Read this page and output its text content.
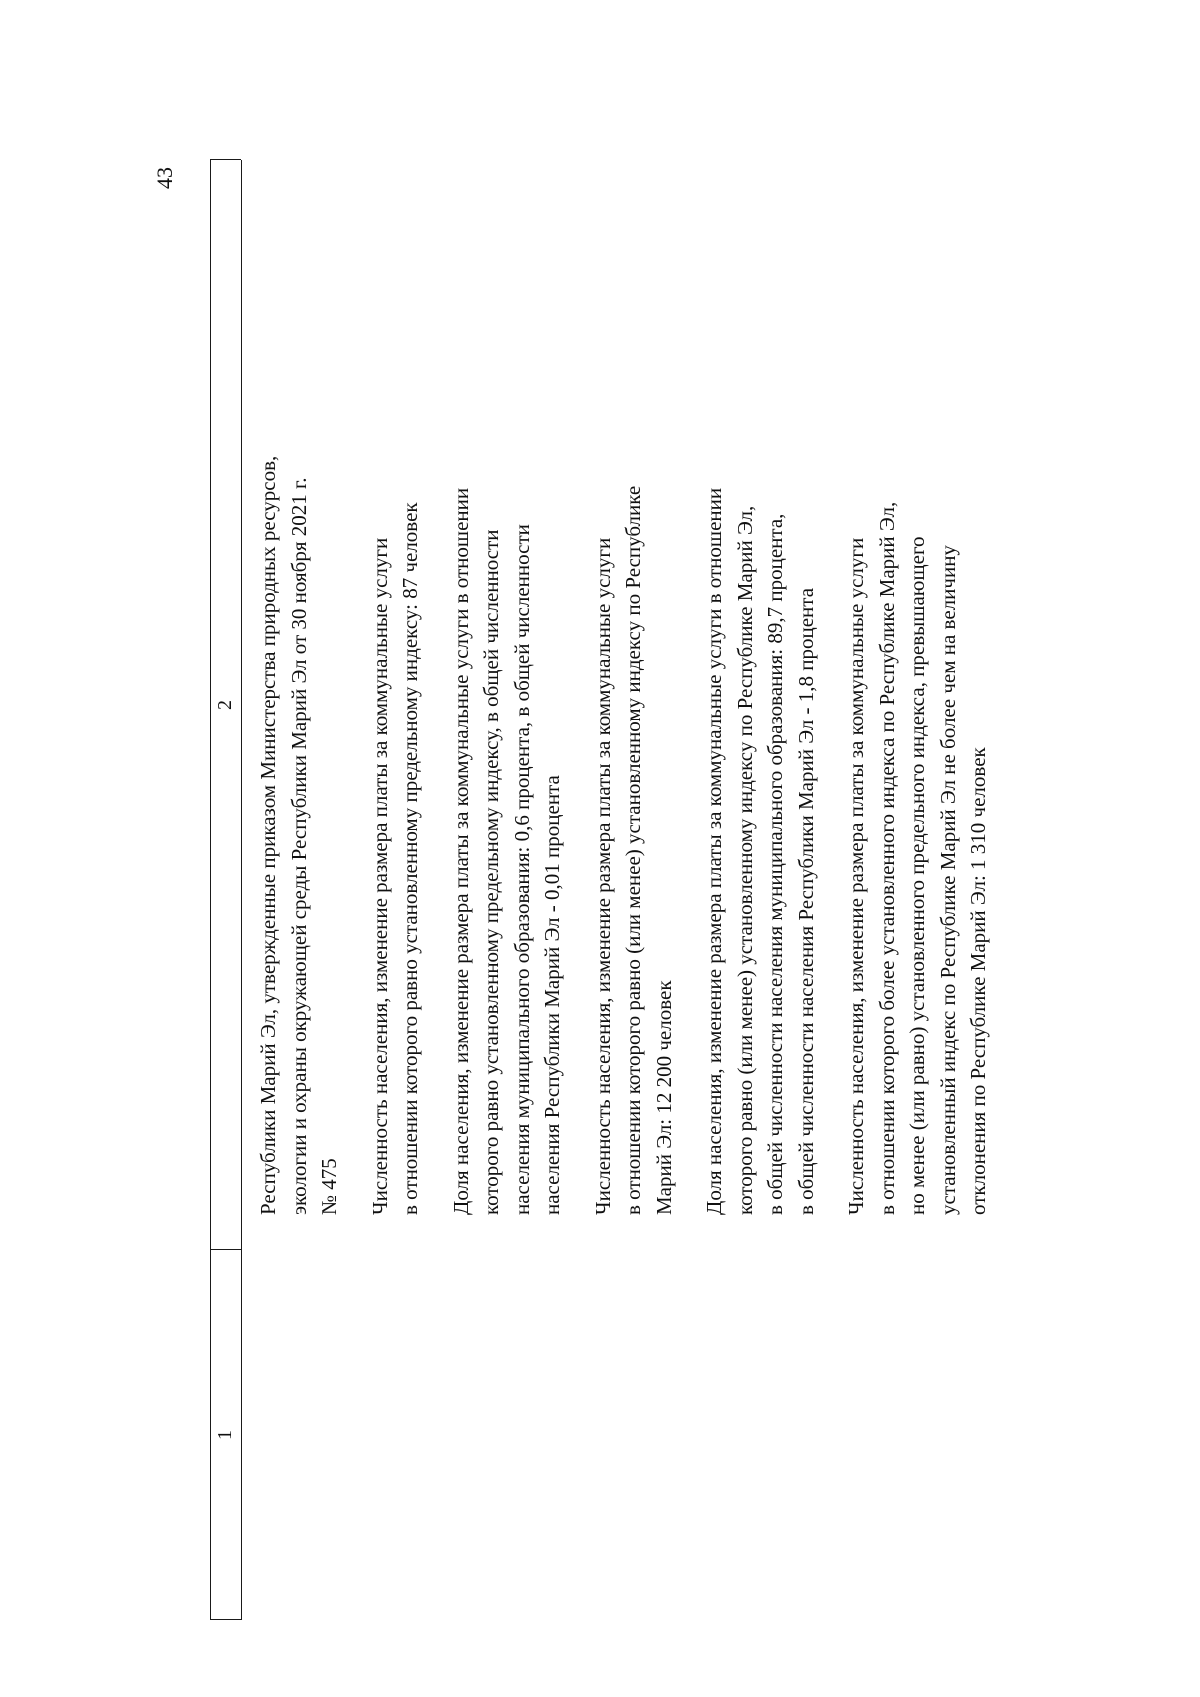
43
1
2 Республики Марий Эл, утвержденные приказом Министерства природных ресурсов, экологии и охраны окружающей среды Республики Марий Эл от 30 ноября 2021 г. № 475 Численность населения, изменение размера платы за коммунальные услуги в отношении которого равно установленному предельному индексу: 87 человек Доля населения, изменение размера платы за коммунальные услуги в отношении которого равно установленному предельному индексу, в общей численности населения муниципального образования: 0,6 процента, в общей численности населения Республики Марий Эл - 0,01 процента Численность населения, изменение размера платы за коммунальные услуги в отношении которого равно (или менее) установленному индексу по Республике Марий Эл: 12 200 человек Доля населения, изменение размера платы за коммунальные услуги в отношении которого равно (или менее) установленному индексу по Республике Марий Эл, в общей численности населения муниципального образования: 89,7 процента, в общей численности населения Республики Марий Эл - 1,8 процента Численность населения, изменение размера платы за коммунальные услуги в отношении которого более установленного индекса по Республике Марий Эл, но менее (или равно) установленного предельного индекса, превышающего установленный индекс по Республике Марий Эл не более чем на величину отклонения по Республике Марий Эл: 1 310 человек
